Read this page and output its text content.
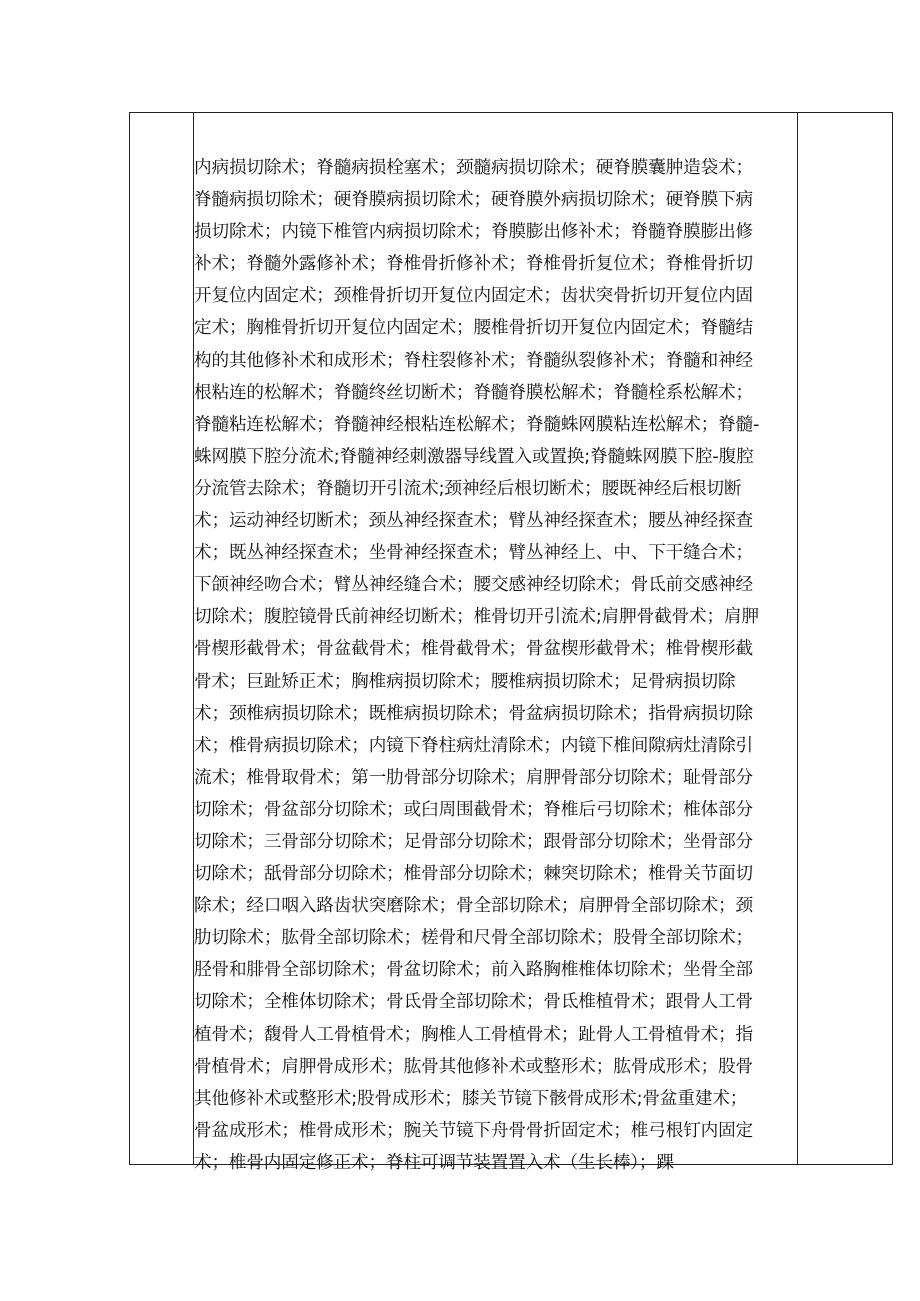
内病损切除术；脊髓病损栓塞术；颈髓病损切除术；硬脊膜囊肿造袋术；
脊髓病损切除术；硬脊膜病损切除术；硬脊膜外病损切除术；硬脊膜下病
损切除术；内镜下椎管内病损切除术；脊膜膨出修补术；脊髓脊膜膨出修
补术；脊髓外露修补术；脊椎骨折修补术；脊椎骨折复位术；脊椎骨折切
开复位内固定术；颈椎骨折切开复位内固定术；齿状突骨折切开复位内固
定术；胸椎骨折切开复位内固定术；腰椎骨折切开复位内固定术；脊髓结
构的其他修补术和成形术；脊柱裂修补术；脊髓纵裂修补术；脊髓和神经
根粘连的松解术；脊髓终丝切断术；脊髓脊膜松解术；脊髓栓系松解术；
脊髓粘连松解术；脊髓神经根粘连松解术；脊髓蛛网膜粘连松解术；脊髓-
蛛网膜下腔分流术;脊髓神经刺激器导线置入或置换;脊髓蛛网膜下腔-腹腔
分流管去除术；脊髓切开引流术;颈神经后根切断术；腰既神经后根切断
术；运动神经切断术；颈丛神经探查术；臂丛神经探查术；腰丛神经探查
术；既丛神经探查术；坐骨神经探查术；臂丛神经上、中、下干缝合术；
下颌神经吻合术；臂丛神经缝合术；腰交感神经切除术；骨氐前交感神经
切除术；腹腔镜骨氏前神经切断术；椎骨切开引流术;肩胛骨截骨术；肩胛
骨楔形截骨术；骨盆截骨术；椎骨截骨术；骨盆楔形截骨术；椎骨楔形截
骨术；巨趾矫正术；胸椎病损切除术；腰椎病损切除术；足骨病损切除
术；颈椎病损切除术；既椎病损切除术；骨盆病损切除术；指骨病损切除
术；椎骨病损切除术；内镜下脊柱病灶清除术；内镜下椎间隙病灶清除引
流术；椎骨取骨术；第一肋骨部分切除术；肩胛骨部分切除术；耻骨部分
切除术；骨盆部分切除术；或臼周围截骨术；脊椎后弓切除术；椎体部分
切除术；三骨部分切除术；足骨部分切除术；跟骨部分切除术；坐骨部分
切除术；舐骨部分切除术；椎骨部分切除术；棘突切除术；椎骨关节面切
除术；经口咽入路齿状突磨除术；骨全部切除术；肩胛骨全部切除术；颈
肋切除术；肱骨全部切除术；槎骨和尺骨全部切除术；股骨全部切除术；
胫骨和腓骨全部切除术；骨盆切除术；前入路胸椎椎体切除术；坐骨全部
切除术；全椎体切除术；骨氐骨全部切除术；骨氐椎植骨术；跟骨人工骨
植骨术；馥骨人工骨植骨术；胸椎人工骨植骨术；趾骨人工骨植骨术；指
骨植骨术；肩胛骨成形术；肱骨其他修补术或整形术；肱骨成形术；股骨
其他修补术或整形术;股骨成形术；膝关节镜下骸骨成形术;骨盆重建术；
骨盆成形术；椎骨成形术；腕关节镜下舟骨骨折固定术；椎弓根钉内固定
术；椎骨内固定修正术；脊柱可调节装置置入术（生长棒）；踝
